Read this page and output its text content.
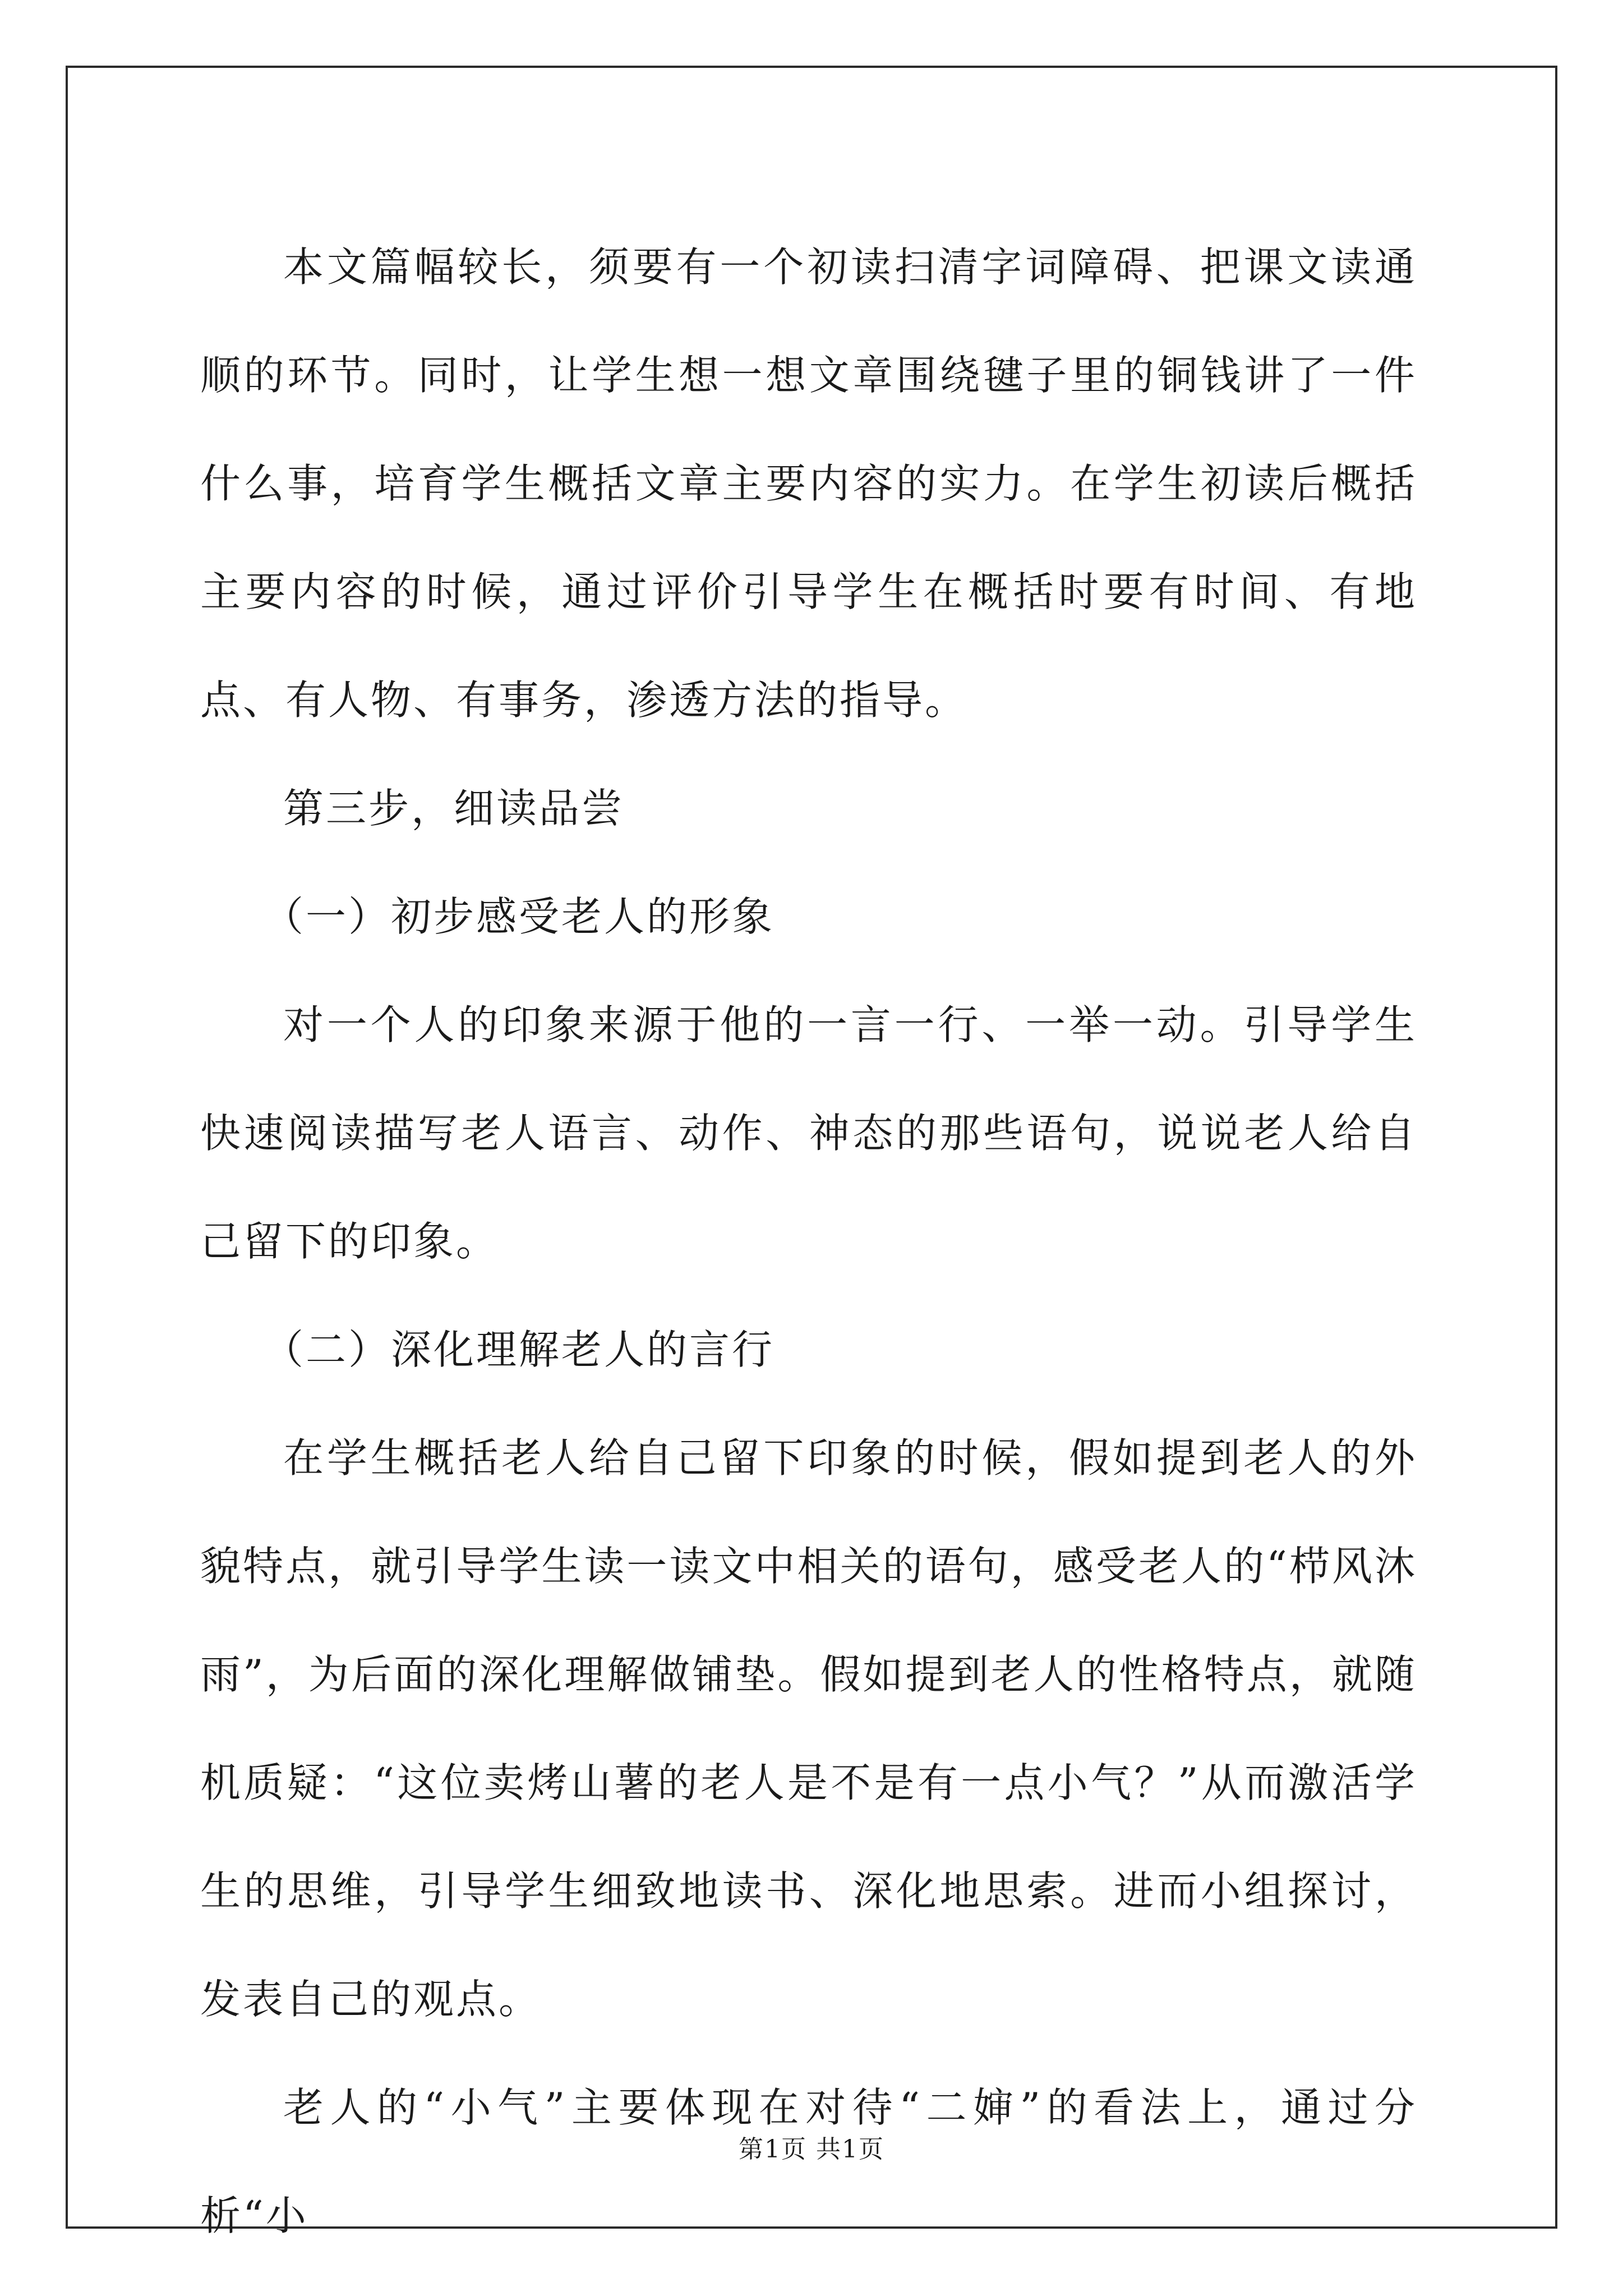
本文篇幅较长，须要有一个初读扫清字词障碍、把课文读通顺的环节。同时，让学生想一想文章围绕毽子里的铜钱讲了一件什么事，培育学生概括文章主要内容的实力。在学生初读后概括主要内容的时候，通过评价引导学生在概括时要有时间、有地点、有人物、有事务，渗透方法的指导。

第三步，细读品尝

（一）初步感受老人的形象

对一个人的印象来源于他的一言一行、一举一动。引导学生快速阅读描写老人语言、动作、神态的那些语句，说说老人给自己留下的印象。

（二）深化理解老人的言行

在学生概括老人给自己留下印象的时候，假如提到老人的外貌特点，就引导学生读一读文中相关的语句，感受老人的“栉风沐雨”，为后面的深化理解做铺垫。假如提到老人的性格特点，就随机质疑：“这位卖烤山薯的老人是不是有一点小气？”从而激活学生的思维，引导学生细致地读书、深化地思索。进而小组探讨，发表自己的观点。

老人的“小气”主要体现在对待“二婶”的看法上，通过分析“小

第1页 共1页
